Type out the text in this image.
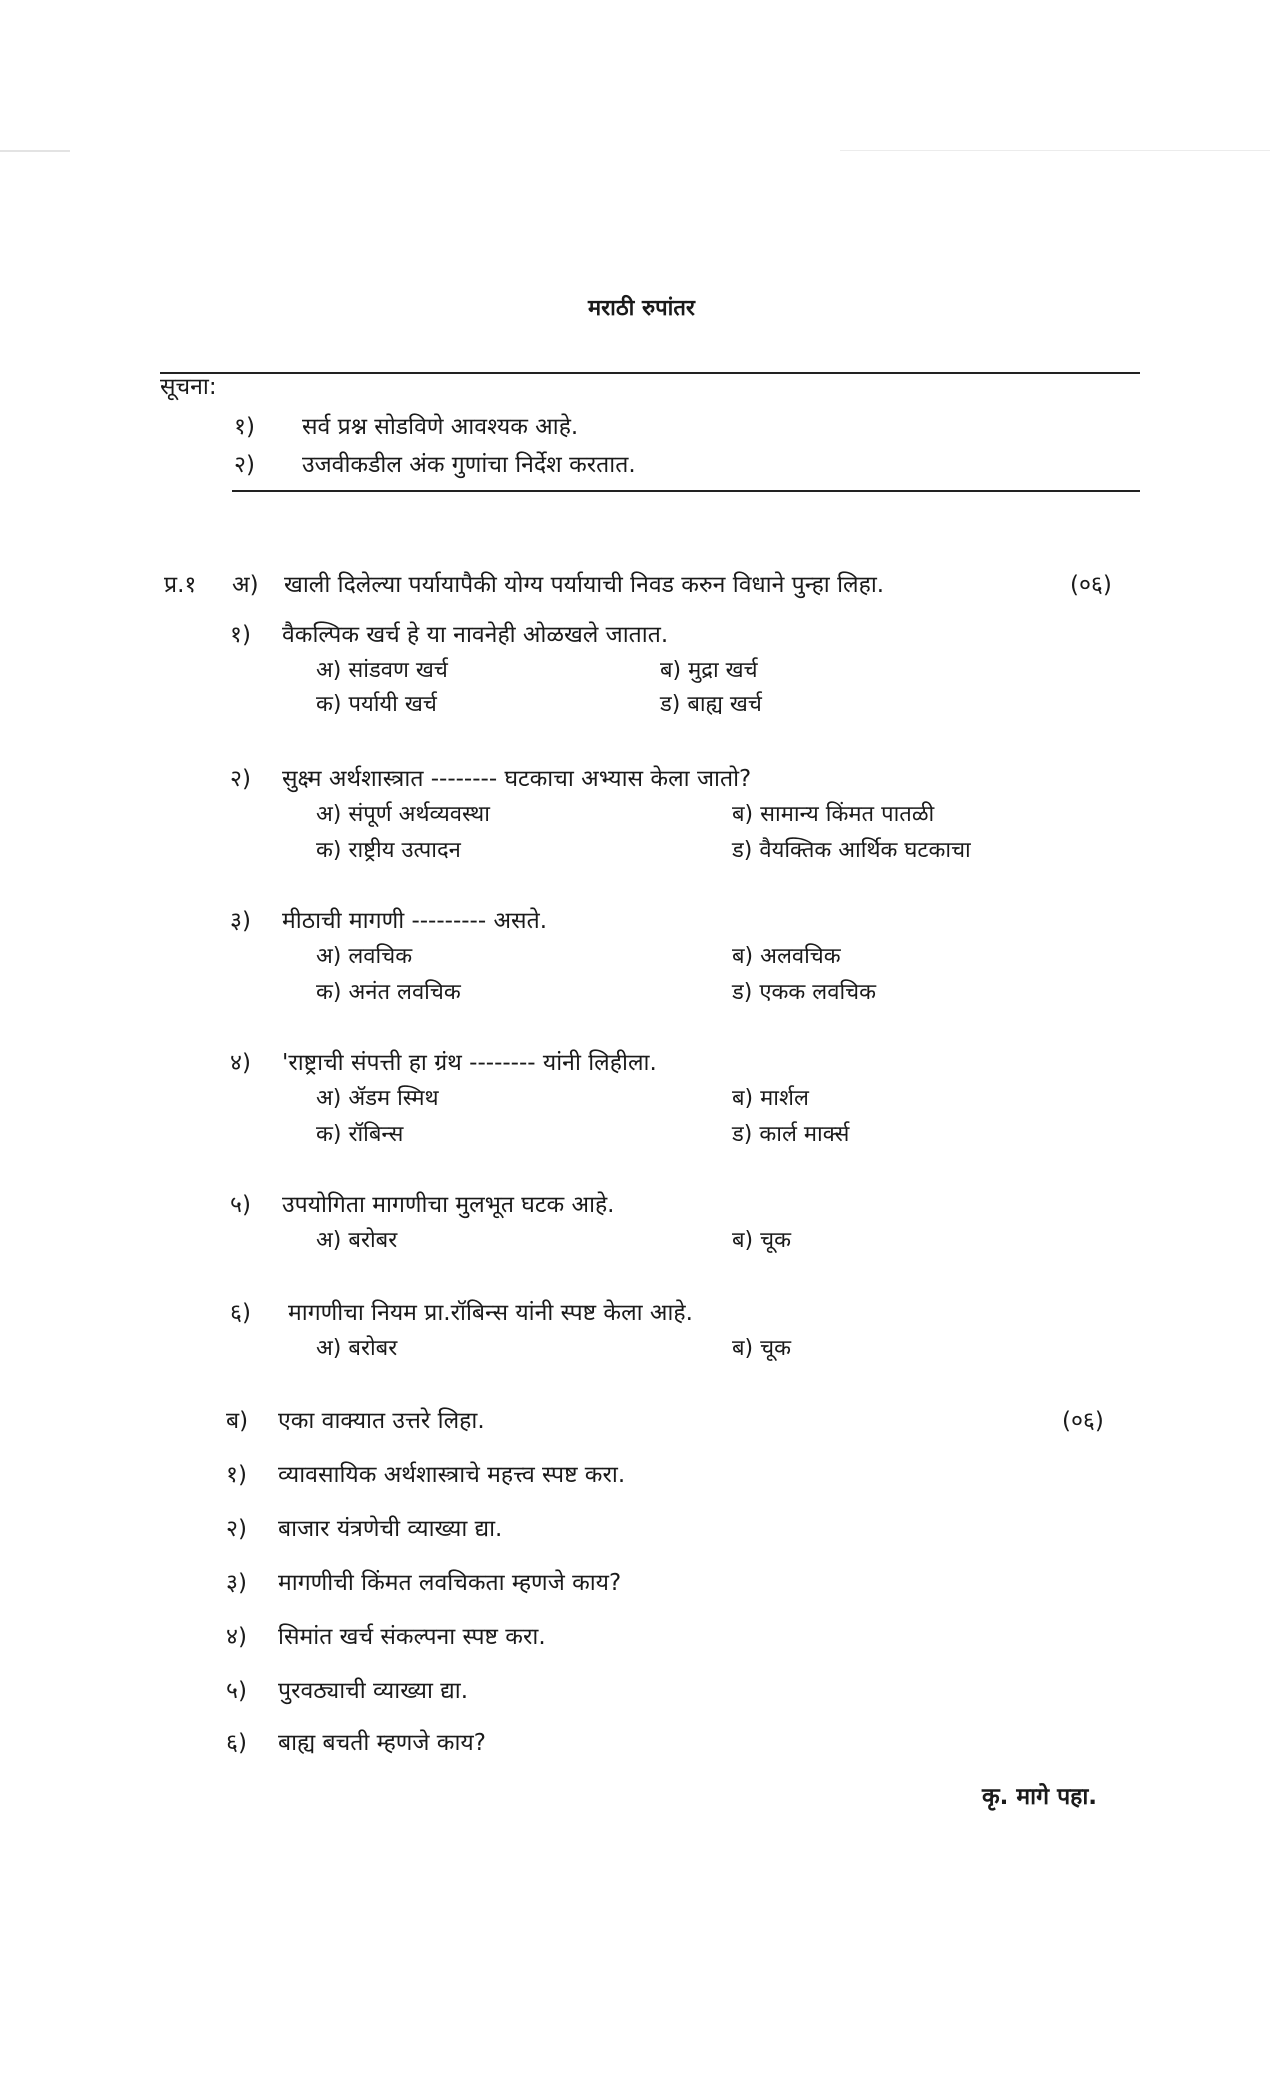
मराठी रुपांतर
सूचना:
१) सर्व प्रश्न सोडविणे आवश्यक आहे.
२) उजवीकडील अंक गुणांचा निर्देश करतात.
प्र.१ अ) खाली दिलेल्या पर्यायापैकी योग्य पर्यायाची निवड करुन विधाने पुन्हा लिहा.	(०६)
१) वैकल्पिक खर्च हे या नावनेही ओळखले जातात.
अ) सांडवण खर्च	ब) मुद्रा खर्च
क) पर्यायी खर्च	ड) बाह्य खर्च
२) सुक्ष्म अर्थशास्त्रात -------- घटकाचा अभ्यास केला जातो?
अ) संपूर्ण अर्थव्यवस्था	ब) सामान्य किंमत पातळी
क) राष्ट्रीय उत्पादन	ड) वैयक्तिक आर्थिक घटकाचा
३) मीठाची मागणी --------- असते.
अ) लवचिक	ब) अलवचिक
क) अनंत लवचिक	ड) एकक लवचिक
४) 'राष्ट्राची संपत्ती हा ग्रंथ -------- यांनी लिहीला.
अ) ॲडम स्मिथ	ब) मार्शल
क) रॉबिन्स	ड) कार्ल मार्क्स
५) उपयोगिता मागणीचा मुलभूत घटक आहे.
अ) बरोबर	ब) चूक
६) मागणीचा नियम प्रा.रॉबिन्स यांनी स्पष्ट केला आहे.
अ) बरोबर	ब) चूक
ब) एका वाक्यात उत्तरे लिहा.	(०६)
१) व्यावसायिक अर्थशास्त्राचे महत्त्व स्पष्ट करा.
२) बाजार यंत्रणेची व्याख्या द्या.
३) मागणीची किंमत लवचिकता म्हणजे काय?
४) सिमांत खर्च संकल्पना स्पष्ट करा.
५) पुरवठ्याची व्याख्या द्या.
६) बाह्य बचती म्हणजे काय?
कृ. मागे पहा.
